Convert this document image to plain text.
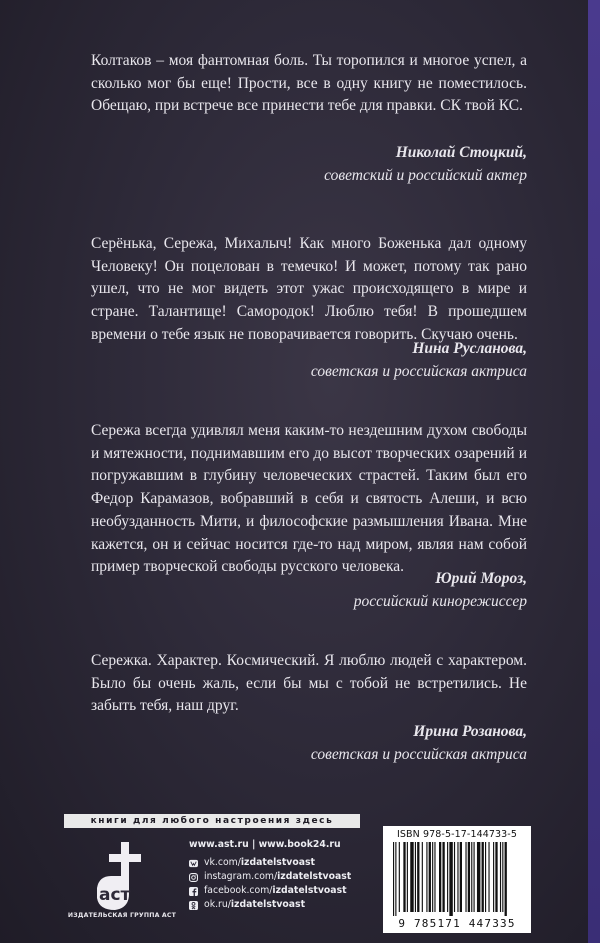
Колтаков – моя фантомная боль. Ты торопился и многое успел, а сколько мог бы еще! Прости, все в одну книгу не поместилось. Обещаю, при встрече все принести тебе для правки. СК твой КС.

Николай Стоцкий,
советский и российский актер

Серёнька, Сережа, Михалыч! Как много Боженька дал одному Человеку! Он поцелован в темечко! И может, потому так рано ушел, что не мог видеть этот ужас происходящего в мире и стране. Талантище! Самородок! Люблю тебя! В прошедшем времени о тебе язык не поворачивается говорить. Скучаю очень.

Нина Русланова,
советская и российская актриса

Сережа всегда удивлял меня каким-то нездешним духом свободы и мятежности, поднимавшим его до высот творческих озарений и погружавшим в глубину человеческих страстей. Таким был его Федор Карамазов, вобравший в себя и святость Алеши, и всю необузданность Мити, и философские размышления Ивана. Мне кажется, он и сейчас носится где-то над миром, являя нам собой пример творческой свободы русского человека.

Юрий Мороз,
российский кинорежиссер

Сережка. Характер. Космический. Я люблю людей с характером. Было бы очень жаль, если бы мы с тобой не встретились. Не забыть тебя, наш друг.

Ирина Розанова,
советская и российская актриса
книги для любого настроения здесь
аст
ИЗДАТЕЛЬСКАЯ ГРУППА АСТ
www.ast.ru | www.book24.ru
vk.com/izdatelstvoast
instagram.com/izdatelstvoast
facebook.com/izdatelstvoast
ok.ru/izdatelstvoast
ISBN 978-5-17-144733-5
9 785171 447335
